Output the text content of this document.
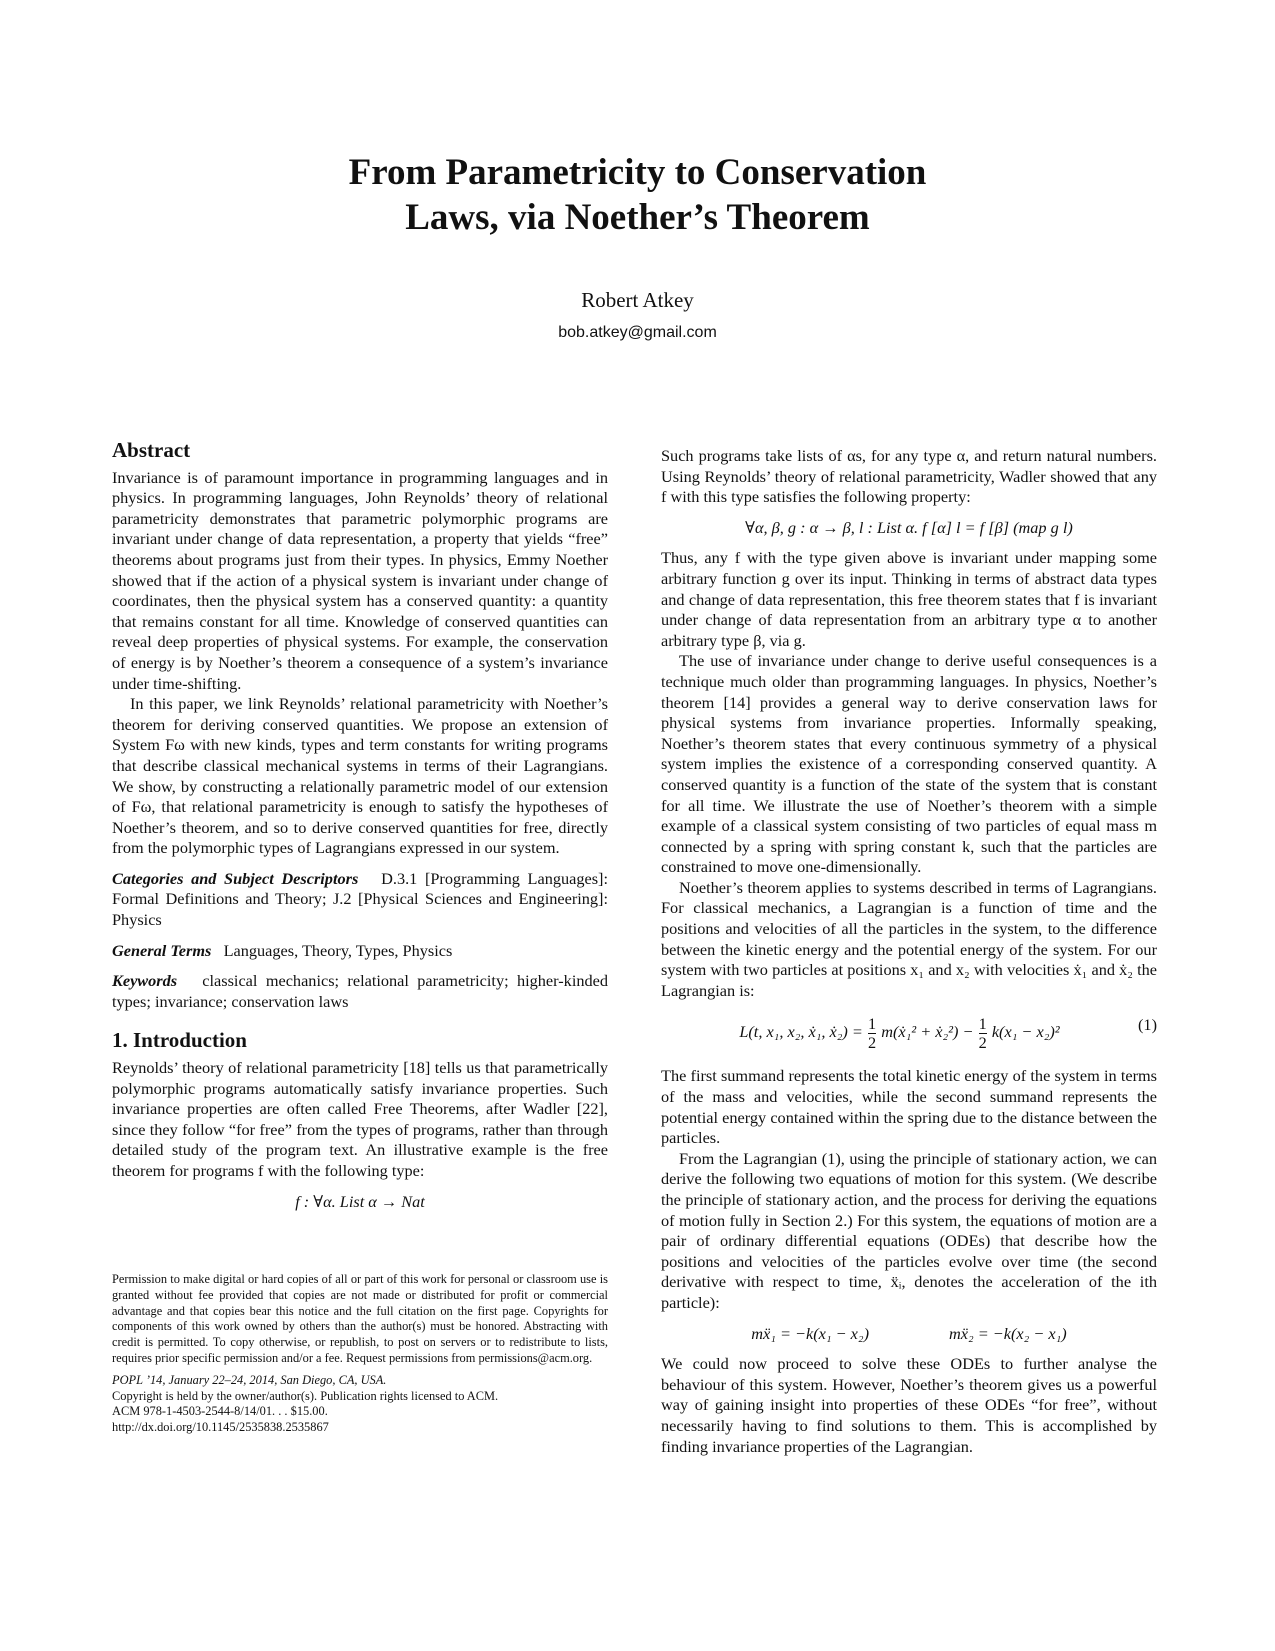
From Parametricity to Conservation
Laws, via Noether’s Theorem
Robert Atkey
bob.atkey@gmail.com
Abstract

Invariance is of paramount importance in programming languages and in physics. In programming languages, John Reynolds’ theory of relational parametricity demonstrates that parametric polymorphic programs are invariant under change of data representation, a property that yields “free” theorems about programs just from their types. In physics, Emmy Noether showed that if the action of a physical system is invariant under change of coordinates, then the physical system has a conserved quantity: a quantity that remains constant for all time. Knowledge of conserved quantities can reveal deep properties of physical systems. For example, the conservation of energy is by Noether’s theorem a consequence of a system’s invariance under time-shifting.

In this paper, we link Reynolds’ relational parametricity with Noether’s theorem for deriving conserved quantities. We propose an extension of System Fω with new kinds, types and term constants for writing programs that describe classical mechanical systems in terms of their Lagrangians. We show, by constructing a relationally parametric model of our extension of Fω, that relational parametricity is enough to satisfy the hypotheses of Noether’s theorem, and so to derive conserved quantities for free, directly from the polymorphic types of Lagrangians expressed in our system.

Categories and Subject Descriptors D.3.1 [Programming Languages]: Formal Definitions and Theory; J.2 [Physical Sciences and Engineering]: Physics

General Terms Languages, Theory, Types, Physics

Keywords classical mechanics; relational parametricity; higher-kinded types; invariance; conservation laws

1. Introduction

Reynolds’ theory of relational parametricity [18] tells us that parametrically polymorphic programs automatically satisfy invariance properties. Such invariance properties are often called Free Theorems, after Wadler [22], since they follow “for free” from the types of programs, rather than through detailed study of the program text. An illustrative example is the free theorem for programs f with the following type:

f : ∀α. List α → Nat

Permission to make digital or hard copies of all or part of this work for personal or classroom use is granted without fee provided that copies are not made or distributed for profit or commercial advantage and that copies bear this notice and the full citation on the first page. Copyrights for components of this work owned by others than the author(s) must be honored. Abstracting with credit is permitted. To copy otherwise, or republish, to post on servers or to redistribute to lists, requires prior specific permission and/or a fee. Request permissions from permissions@acm.org.

POPL ’14, January 22–24, 2014, San Diego, CA, USA.

Copyright is held by the owner/author(s). Publication rights licensed to ACM.

ACM 978-1-4503-2544-8/14/01. . . $15.00.

http://dx.doi.org/10.1145/2535838.2535867

Such programs take lists of αs, for any type α, and return natural numbers. Using Reynolds’ theory of relational parametricity, Wadler showed that any f with this type satisfies the following property:

∀α, β, g : α → β, l : List α. f [α] l = f [β] (map g l)

Thus, any f with the type given above is invariant under mapping some arbitrary function g over its input. Thinking in terms of abstract data types and change of data representation, this free theorem states that f is invariant under change of data representation from an arbitrary type α to another arbitrary type β, via g.

The use of invariance under change to derive useful consequences is a technique much older than programming languages. In physics, Noether’s theorem [14] provides a general way to derive conservation laws for physical systems from invariance properties. Informally speaking, Noether’s theorem states that every continuous symmetry of a physical system implies the existence of a corresponding conserved quantity. A conserved quantity is a function of the state of the system that is constant for all time. We illustrate the use of Noether’s theorem with a simple example of a classical system consisting of two particles of equal mass m connected by a spring with spring constant k, such that the particles are constrained to move one-dimensionally.

Noether’s theorem applies to systems described in terms of Lagrangians. For classical mechanics, a Lagrangian is a function of time and the positions and velocities of all the particles in the system, to the difference between the kinetic energy and the potential energy of the system. For our system with two particles at positions x₁ and x₂ with velocities ẋ₁ and ẋ₂ the Lagrangian is:

L(t, x₁, x₂, ẋ₁, ẋ₂) = $\frac{1}{2}$ m(ẋ₁² + ẋ₂²) − $\frac{1}{2} k(x_1 - x_2)^2$	(1)

The first summand represents the total kinetic energy of the system in terms of the mass and velocities, while the second summand represents the potential energy contained within the spring due to the distance between the particles.

From the Lagrangian (1), using the principle of stationary action, we can derive the following two equations of motion for this system. (We describe the principle of stationary action, and the process for deriving the equations of motion fully in Section 2.) For this system, the equations of motion are a pair of ordinary differential equations (ODEs) that describe how the positions and velocities of the particles evolve over time (the second derivative with respect to time, ẍᵢ, denotes the acceleration of the ith particle):

mẍ₁ = −k(x₁ − x₂)	mẍ₂ = −k(x₂ − x₁)

We could now proceed to solve these ODEs to further analyse the behaviour of this system. However, Noether’s theorem gives us a powerful way of gaining insight into properties of these ODEs “for free”, without necessarily having to find solutions to them. This is accomplished by finding invariance properties of the Lagrangian.
